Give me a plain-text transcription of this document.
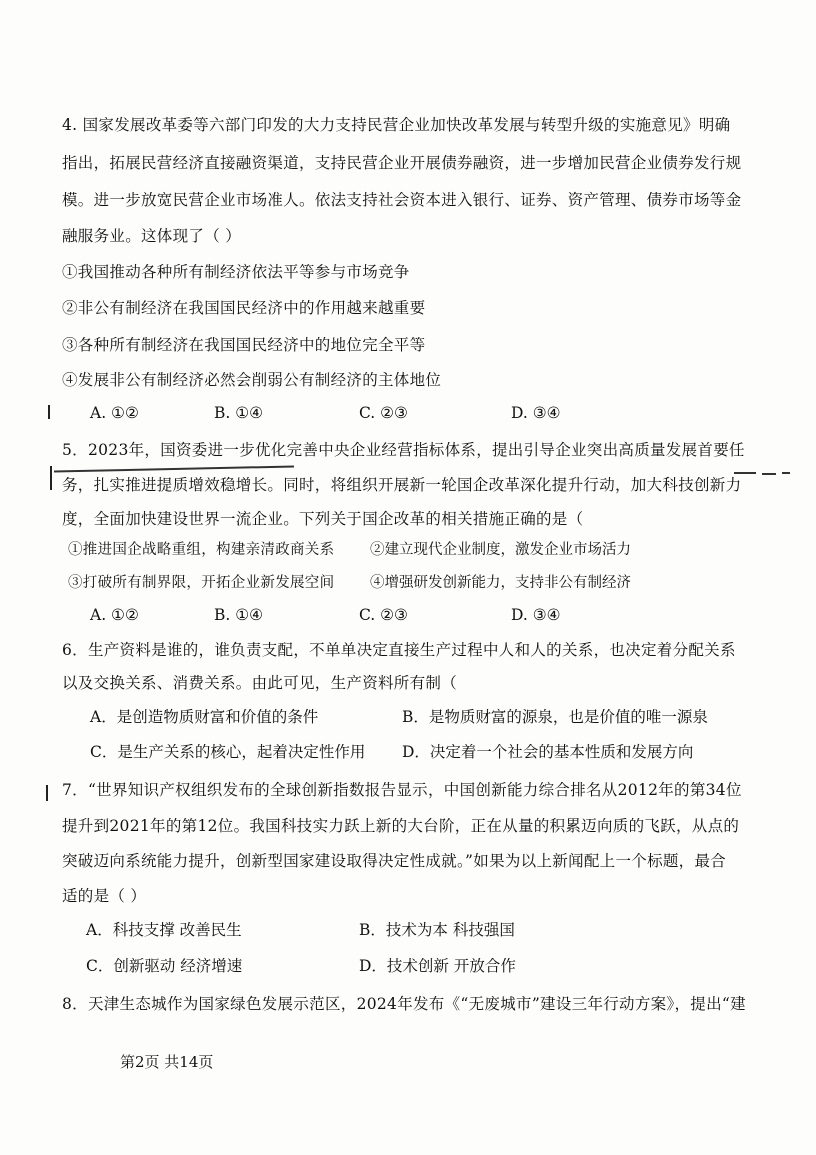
4. 国家发展改革委等六部门印发的大力支持民营企业加快改革发展与转型升级的实施意见》明确
指出，拓展民营经济直接融资渠道，支持民营企业开展债券融资，进一步增加民营企业债券发行规
模。进一步放宽民营企业市场准人。依法支持社会资本进入银行、证券、资产管理、债券市场等金
融服务业。这体现了（ ）
①我国推动各种所有制经济依法平等参与市场竞争
②非公有制经济在我国国民经济中的作用越来越重要
③各种所有制经济在我国国民经济中的地位完全平等
④发展非公有制经济必然会削弱公有制经济的主体地位
A. ①②	B. ①④	C. ②③	D. ③④
5．2023年，国资委进一步优化完善中央企业经营指标体系，提出引导企业突出高质量发展首要任
务，扎实推进提质增效稳增长。同时，将组织开展新一轮国企改革深化提升行动，加大科技创新力
度，全面加快建设世界一流企业。下列关于国企改革的相关措施正确的是（
①推进国企战略重组，构建亲清政商关系 ②建立现代企业制度，激发企业市场活力
③打破所有制界限，开拓企业新发展空间 ④增强研发创新能力，支持非公有制经济
A. ①②	B. ①④	C. ②③	D. ③④
6．生产资料是谁的，谁负责支配，不单单决定直接生产过程中人和人的关系，也决定着分配关系
以及交换关系、消费关系。由此可见，生产资料所有制（
A．是创造物质财富和价值的条件	B．是物质财富的源泉，也是价值的唯一源泉
C．是生产关系的核心，起着决定性作用 D．决定着一个社会的基本性质和发展方向
7．“世界知识产权组织发布的全球创新指数报告显示，中国创新能力综合排名从2012年的第34位
提升到2021年的第12位。我国科技实力跃上新的大台阶，正在从量的积累迈向质的飞跃，从点的
突破迈向系统能力提升，创新型国家建设取得决定性成就。”如果为以上新闻配上一个标题，最合
适的是（ ）
A．科技支撑 改善民生	B．技术为本 科技强国
C．创新驱动 经济增速	D．技术创新 开放合作
8．天津生态城作为国家绿色发展示范区，2024年发布《“无废城市”建设三年行动方案》，提出“建
第2页 共14页
